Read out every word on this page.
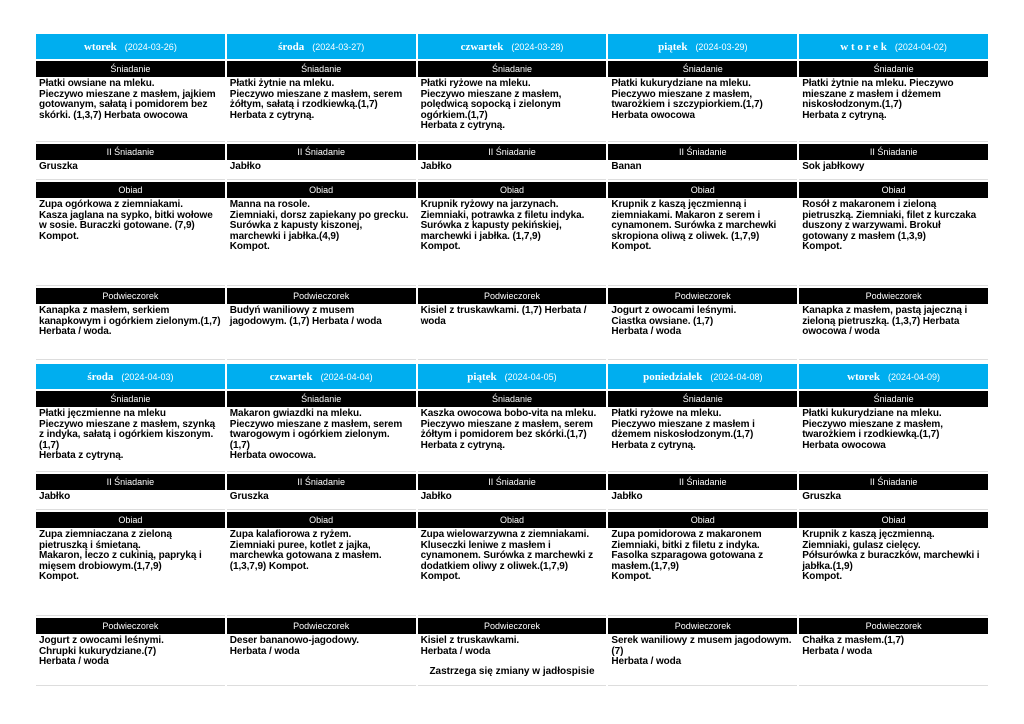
wtorek (2024-03-26)
Śniadanie
Płatki owsiane na mleku.
Pieczywo mieszane z masłem, jajkiem gotowanym, sałatą i pomidorem bez skórki. (1,3,7) Herbata owocowa
II Śniadanie
Gruszka
Obiad
Zupa ogórkowa z ziemniakami.
Kasza jaglana na sypko, bitki wołowe w sosie. Buraczki gotowane. (7,9)
Kompot.
Podwieczorek
Kanapka z masłem, serkiem kanapkowym i ogórkiem zielonym.(1,7)
Herbata / woda.
środa (2024-03-27)
Śniadanie
Płatki żytnie na mleku.
Pieczywo mieszane z masłem, serem żółtym, sałatą i rzodkiewką.(1,7)
Herbata z cytryną.
II Śniadanie
Jabłko
Obiad
Manna na rosole.
Ziemniaki, dorsz zapiekany po grecku. Surówka z kapusty kiszonej, marchewki i jabłka.(4,9)
Kompot.
Podwieczorek
Budyń waniliowy z musem jagodowym. (1,7) Herbata / woda
czwartek (2024-03-28)
Śniadanie
Płatki ryżowe na mleku.
Pieczywo mieszane z masłem, polędwicą sopocką i zielonym ogórkiem.(1,7)
Herbata z cytryną.
II Śniadanie
Jabłko
Obiad
Krupnik ryżowy na jarzynach.
Ziemniaki, potrawka z filetu indyka. Surówka z kapusty pekińskiej, marchewki i jabłka. (1,7,9)
Kompot.
Podwieczorek
Kisiel z truskawkami. (1,7) Herbata / woda
piątek (2024-03-29)
Śniadanie
Płatki kukurydziane na mleku.
Pieczywo mieszane z masłem, twarożkiem i szczypiorkiem.(1,7)
Herbata owocowa
II Śniadanie
Banan
Obiad
Krupnik z kaszą jęczmienną i ziemniakami. Makaron z serem i cynamonem. Surówka z marchewki skropiona oliwą z oliwek. (1,7,9)
Kompot.
Podwieczorek
Jogurt z owocami leśnymi.
Ciastka owsiane. (1,7)
Herbata / woda
w t o r e k (2024-04-02)
Śniadanie
Płatki żytnie na mleku. Pieczywo mieszane z masłem i dżemem niskosłodzonym.(1,7)
Herbata z cytryną.
II Śniadanie
Sok jabłkowy
Obiad
Rosół z makaronem i zieloną pietruszką. Ziemniaki, filet z kurczaka duszony z warzywami. Brokuł gotowany z masłem (1,3,9)
Kompot.
Podwieczorek
Kanapka z masłem, pastą jajeczną i zieloną pietruszką. (1,3,7) Herbata owocowa / woda
środa (2024-04-03)
Śniadanie
Płatki jęczmienne na mleku
Pieczywo mieszane z masłem, szynką z indyka, sałatą i ogórkiem kiszonym.(1,7)
Herbata z cytryną.
II Śniadanie
Jabłko
Obiad
Zupa ziemniaczana z zieloną pietruszką i śmietaną.
Makaron, leczo z cukinią, papryką i mięsem drobiowym.(1,7,9)
Kompot.
Podwieczorek
Jogurt z owocami leśnymi.
Chrupki kukurydziane.(7)
Herbata / woda
czwartek (2024-04-04)
Śniadanie
Makaron gwiazdki na mleku.
Pieczywo mieszane z masłem, serem twarogowym i ogórkiem zielonym.
(1,7)
Herbata owocowa.
II Śniadanie
Gruszka
Obiad
Zupa kalafiorowa z ryżem.
Ziemniaki puree, kotlet z jajka, marchewka gotowana z masłem.
(1,3,7,9) Kompot.
Podwieczorek
Deser bananowo-jagodowy.
Herbata / woda
piątek (2024-04-05)
Śniadanie
Kaszka owocowa bobo-vita na mleku.
Pieczywo mieszane z masłem, serem żółtym i pomidorem bez skórki.(1,7)
Herbata z cytryną.
II Śniadanie
Jabłko
Obiad
Zupa wielowarzywna z ziemniakami.
Kluseczki leniwe z masłem i cynamonem. Surówka z marchewki z dodatkiem oliwy z oliwek.(1,7,9)
Kompot.
Podwieczorek
Kisiel z truskawkami.
Herbata / woda
poniedziałek (2024-04-08)
Śniadanie
Płatki ryżowe na mleku.
Pieczywo mieszane z masłem i dżemem niskosłodzonym.(1,7)
Herbata z cytryną.
II Śniadanie
Jabłko
Obiad
Zupa pomidorowa z makaronem
Ziemniaki, bitki z filetu z indyka.
Fasolka szparagowa gotowana z masłem.(1,7,9)
Kompot.
Podwieczorek
Serek waniliowy z musem jagodowym.(7)
Herbata / woda
wtorek (2024-04-09)
Śniadanie
Płatki kukurydziane na mleku.
Pieczywo mieszane z masłem, twarożkiem i rzodkiewką.(1,7)
Herbata owocowa
II Śniadanie
Gruszka
Obiad
Krupnik z kaszą jęczmienną.
Ziemniaki, gulasz cielęcy.
Półsurówka z buraczków, marchewki i jabłka.(1,9)
Kompot.
Podwieczorek
Chałka z masłem.(1,7)
Herbata / woda
Zastrzega się zmiany w jadłospisie
